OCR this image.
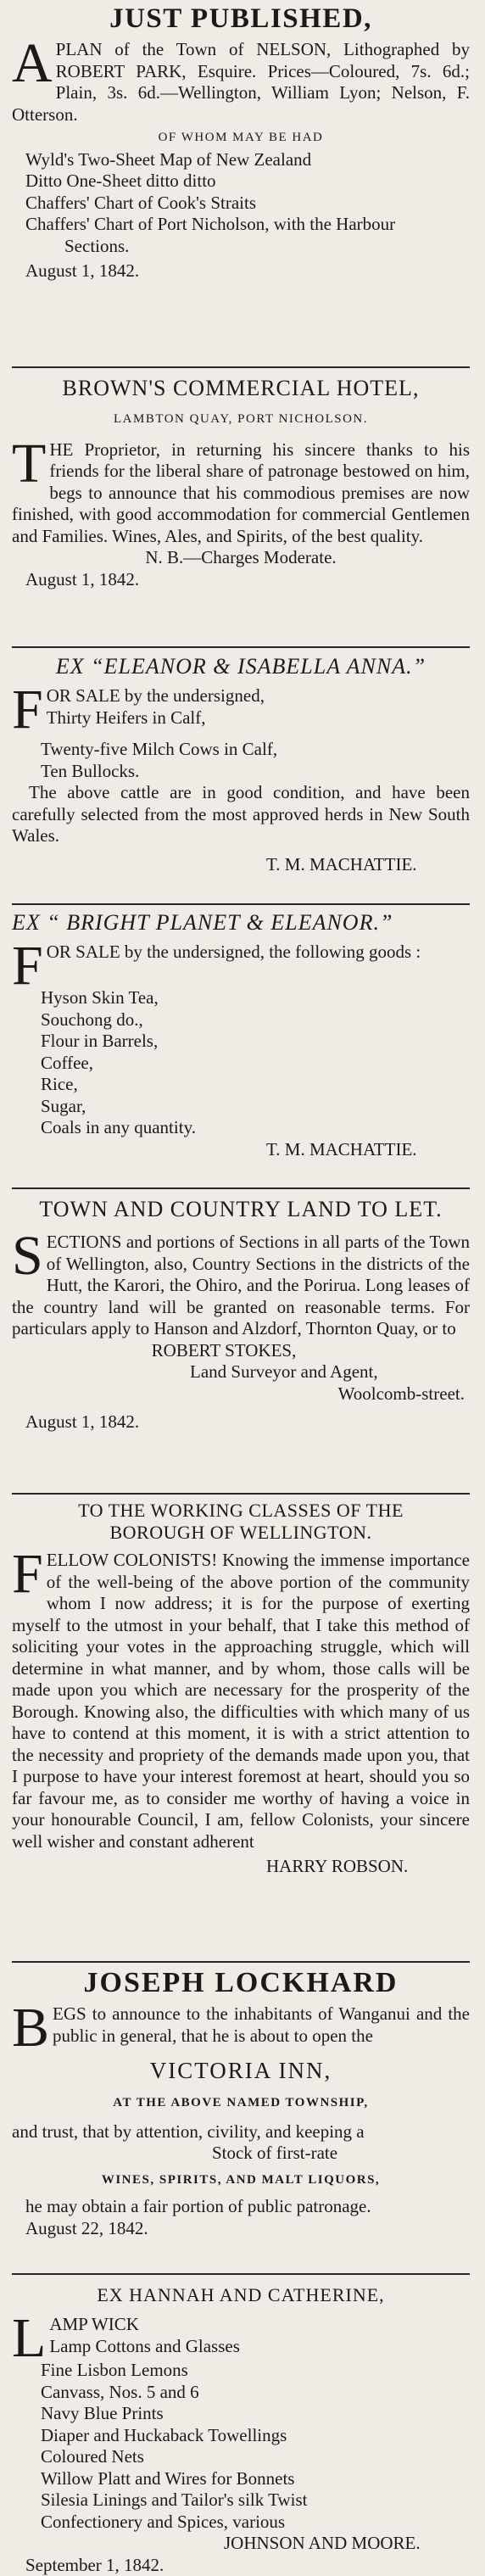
JUST PUBLISHED,
A PLAN of the Town of NELSON, Lithographed by ROBERT PARK, Esquire. Prices—Coloured, 7s. 6d.; Plain, 3s. 6d.—Wellington, William Lyon; Nelson, F. Otterson.
OF WHOM MAY BE HAD
Wyld's Two-Sheet Map of New Zealand
Ditto One-Sheet ditto ditto
Chaffers' Chart of Cook's Straits
Chaffers' Chart of Port Nicholson, with the Harbour
Sections.
August 1, 1842.
BROWN'S COMMERCIAL HOTEL,
LAMBTON QUAY, PORT NICHOLSON.
T HE Proprietor, in returning his sincere thanks to his friends for the liberal share of patronage bestowed on him, begs to announce that his commodious premises are now finished, with good accommodation for commercial Gentlemen and Families. Wines, Ales, and Spirits, of the best quality.
N. B.—Charges Moderate.
August 1, 1842.
EX “ELEANOR & ISABELLA ANNA.”
F OR SALE by the undersigned,
Thirty Heifers in Calf,
Twenty-five Milch Cows in Calf,
Ten Bullocks.
The above cattle are in good condition, and have been carefully selected from the most approved herds in New South Wales.
T. M. MACHATTIE.
EX “ BRIGHT PLANET & ELEANOR.”
F OR SALE by the undersigned, the following goods :
Hyson Skin Tea,
Souchong do.,
Flour in Barrels,
Coffee,
Rice,
Sugar,
Coals in any quantity.
T. M. MACHATTIE.
TOWN AND COUNTRY LAND TO LET.
S ECTIONS and portions of Sections in all parts of the Town of Wellington, also, Country Sections in the districts of the Hutt, the Karori, the Ohiro, and the Porirua. Long leases of the country land will be granted on reasonable terms. For particulars apply to Hanson and Alzdorf, Thornton Quay, or to
ROBERT STOKES,
Land Surveyor and Agent,
Woolcomb-street.
August 1, 1842.
TO THE WORKING CLASSES OF THE
BOROUGH OF WELLINGTON.
F ELLOW COLONISTS! Knowing the immense importance of the well-being of the above portion of the community whom I now address; it is for the purpose of exerting myself to the utmost in your behalf, that I take this method of soliciting your votes in the approaching struggle, which will determine in what manner, and by whom, those calls will be made upon you which are necessary for the prosperity of the Borough. Knowing also, the difficulties with which many of us have to contend at this moment, it is with a strict attention to the necessity and propriety of the demands made upon you, that I purpose to have your interest foremost at heart, should you so far favour me, as to consider me worthy of having a voice in your honourable Council, I am, fellow Colonists, your sincere well wisher and constant adherent
HARRY ROBSON.
JOSEPH LOCKHARD
B EGS to announce to the inhabitants of Wanganui and the public in general, that he is about to open the
VICTORIA INN,
AT THE ABOVE NAMED TOWNSHIP,
and trust, that by attention, civility, and keeping a
Stock of first-rate
WINES, SPIRITS, AND MALT LIQUORS,
he may obtain a fair portion of public patronage.
August 22, 1842.
EX HANNAH AND CATHERINE,
L AMP WICK
Lamp Cottons and Glasses
Fine Lisbon Lemons
Canvass, Nos. 5 and 6
Navy Blue Prints
Diaper and Huckaback Towellings
Coloured Nets
Willow Platt and Wires for Bonnets
Silesia Linings and Tailor's silk Twist
Confectionery and Spices, various
JOHNSON AND MOORE.
September 1, 1842.
